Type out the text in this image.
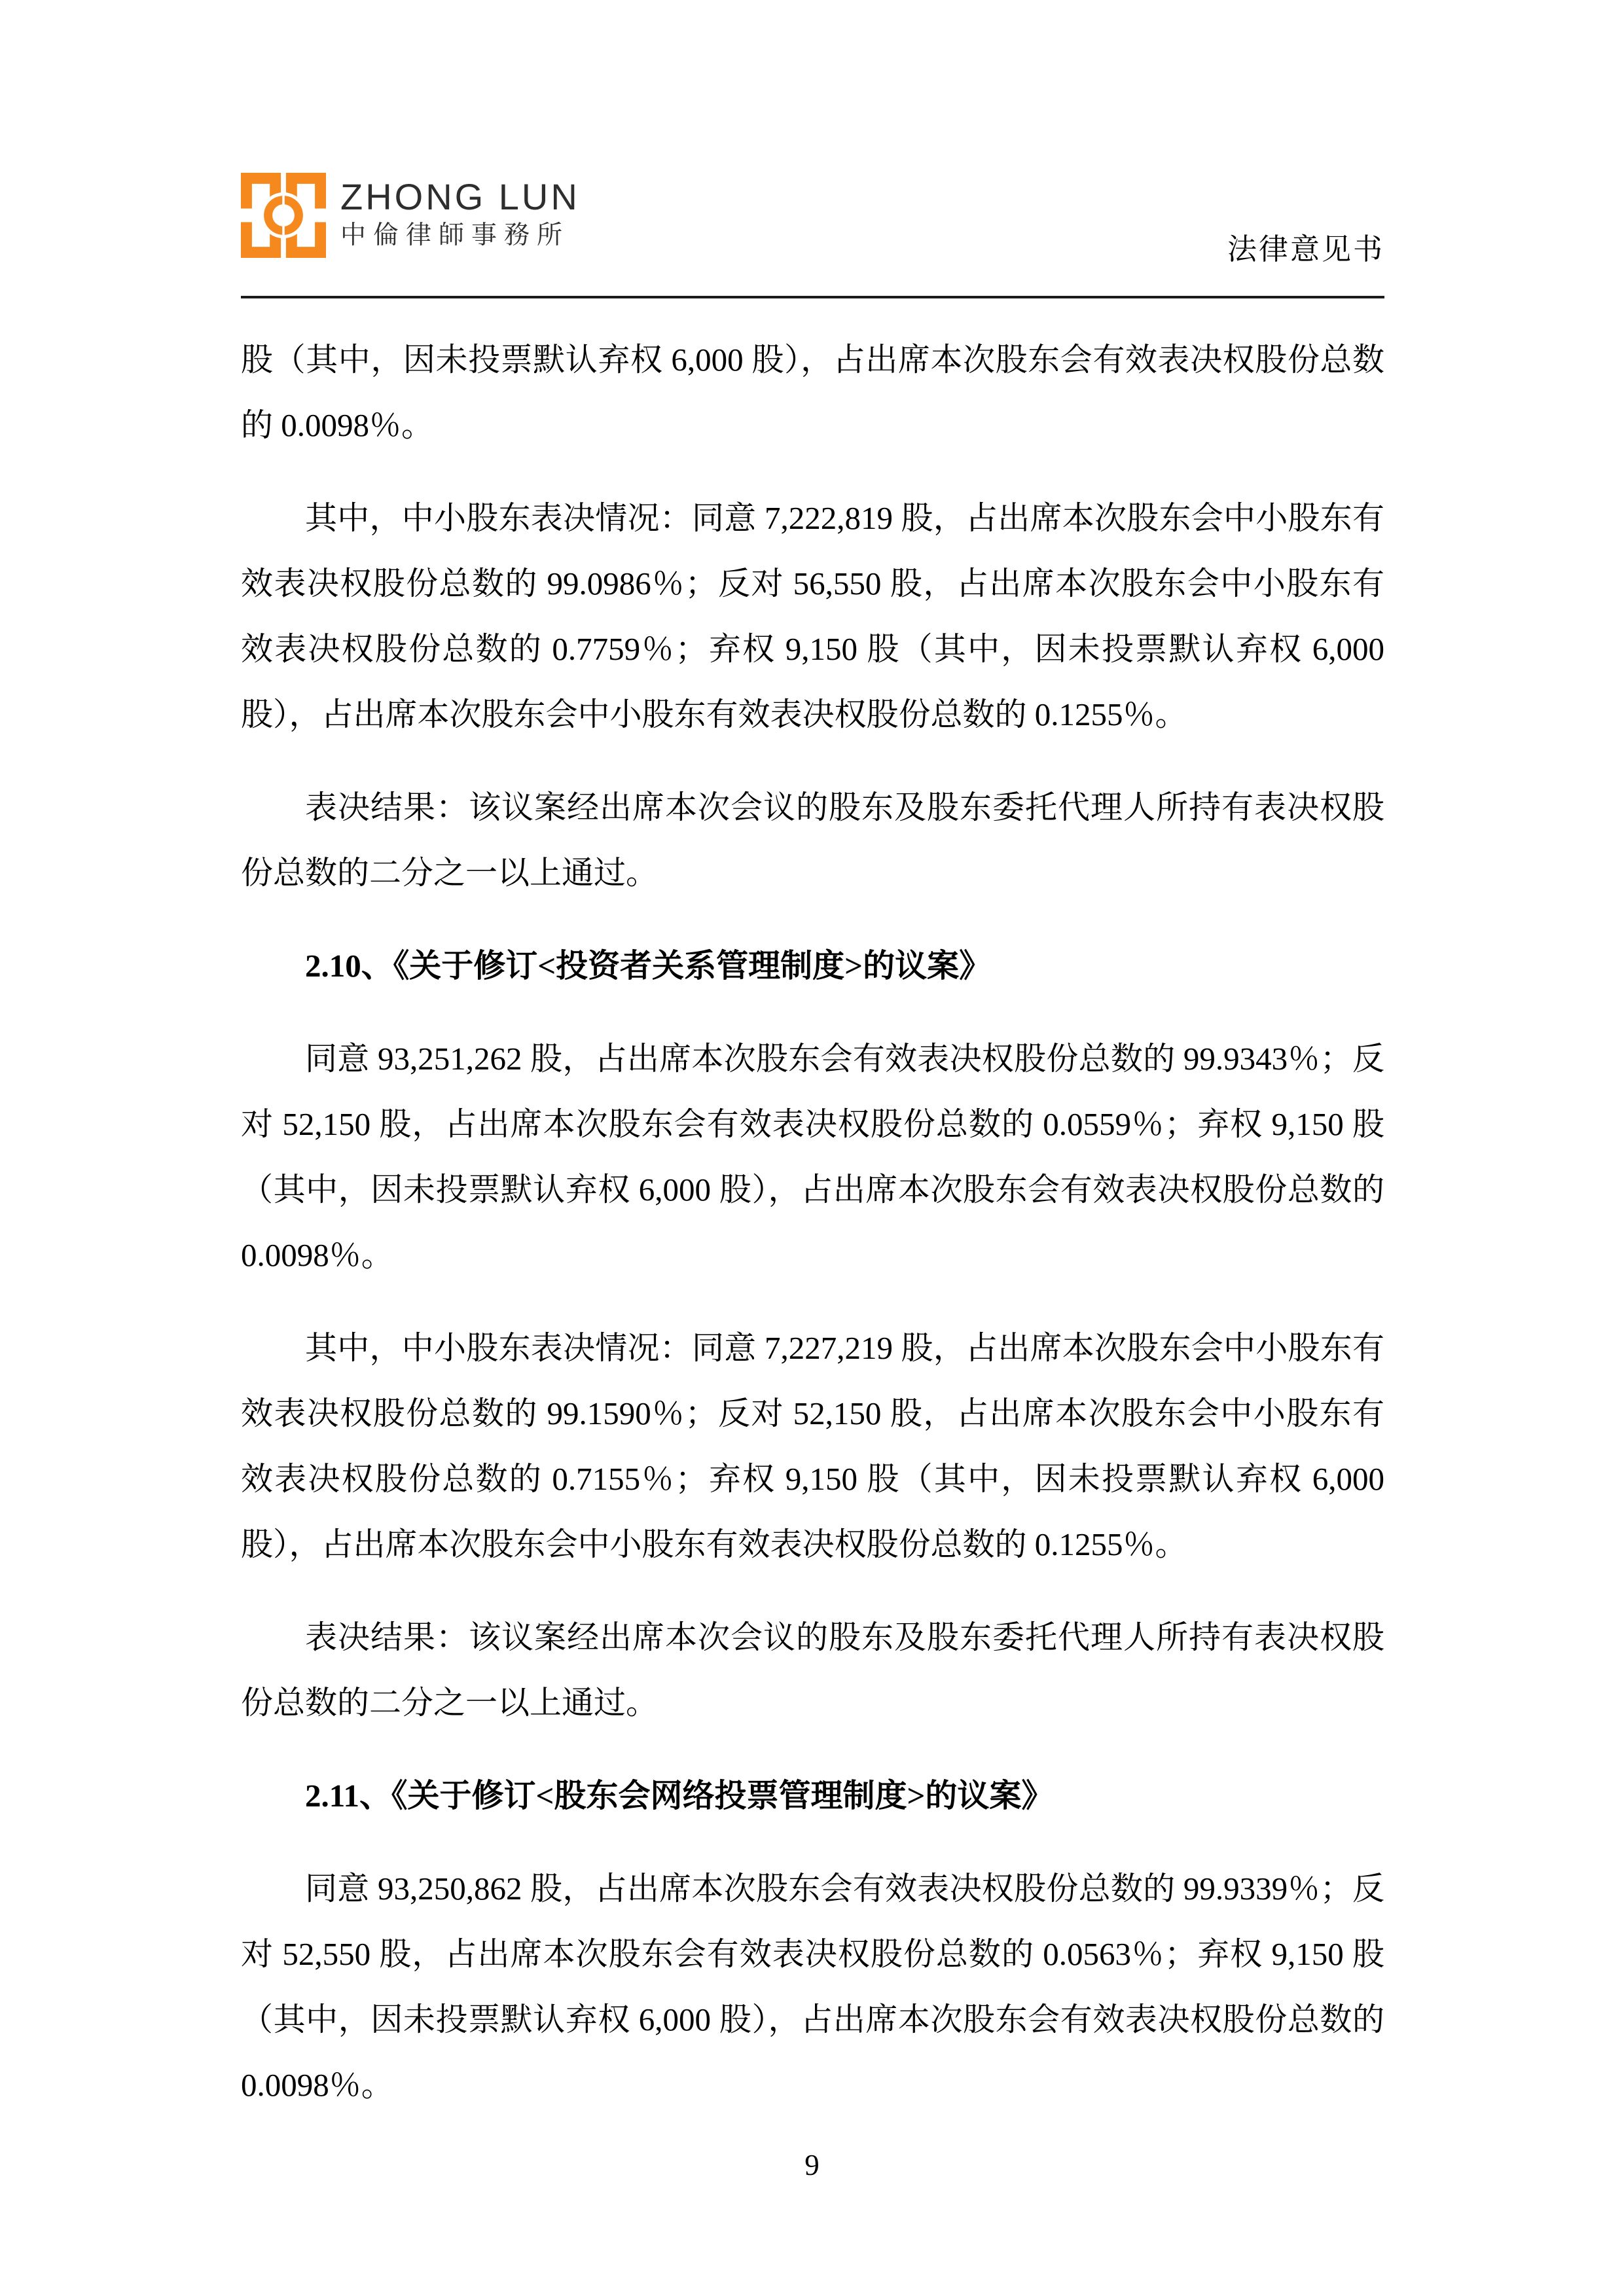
ZHONG LUN
中倫律師事務所	法律意见书

股（其中，因未投票默认弃权 6,000 股），占出席本次股东会有效表决权股份总数的 0.0098％。

其中，中小股东表决情况：同意 7,222,819 股，占出席本次股东会中小股东有效表决权股份总数的 99.0986％；反对 56,550 股，占出席本次股东会中小股东有效表决权股份总数的 0.7759％；弃权 9,150 股（其中，因未投票默认弃权 6,000 股），占出席本次股东会中小股东有效表决权股份总数的 0.1255％。

表决结果：该议案经出席本次会议的股东及股东委托代理人所持有表决权股份总数的二分之一以上通过。

2.10、《关于修订<投资者关系管理制度>的议案》

同意 93,251,262 股，占出席本次股东会有效表决权股份总数的 99.9343％；反对 52,150 股，占出席本次股东会有效表决权股份总数的 0.0559％；弃权 9,150 股（其中，因未投票默认弃权 6,000 股），占出席本次股东会有效表决权股份总数的 0.0098％。

其中，中小股东表决情况：同意 7,227,219 股，占出席本次股东会中小股东有效表决权股份总数的 99.1590％；反对 52,150 股，占出席本次股东会中小股东有效表决权股份总数的 0.7155％；弃权 9,150 股（其中，因未投票默认弃权 6,000 股），占出席本次股东会中小股东有效表决权股份总数的 0.1255％。

表决结果：该议案经出席本次会议的股东及股东委托代理人所持有表决权股份总数的二分之一以上通过。

2.11、《关于修订<股东会网络投票管理制度>的议案》

同意 93,250,862 股，占出席本次股东会有效表决权股份总数的 99.9339％；反对 52,550 股，占出席本次股东会有效表决权股份总数的 0.0563％；弃权 9,150 股（其中，因未投票默认弃权 6,000 股），占出席本次股东会有效表决权股份总数的 0.0098％。

9
